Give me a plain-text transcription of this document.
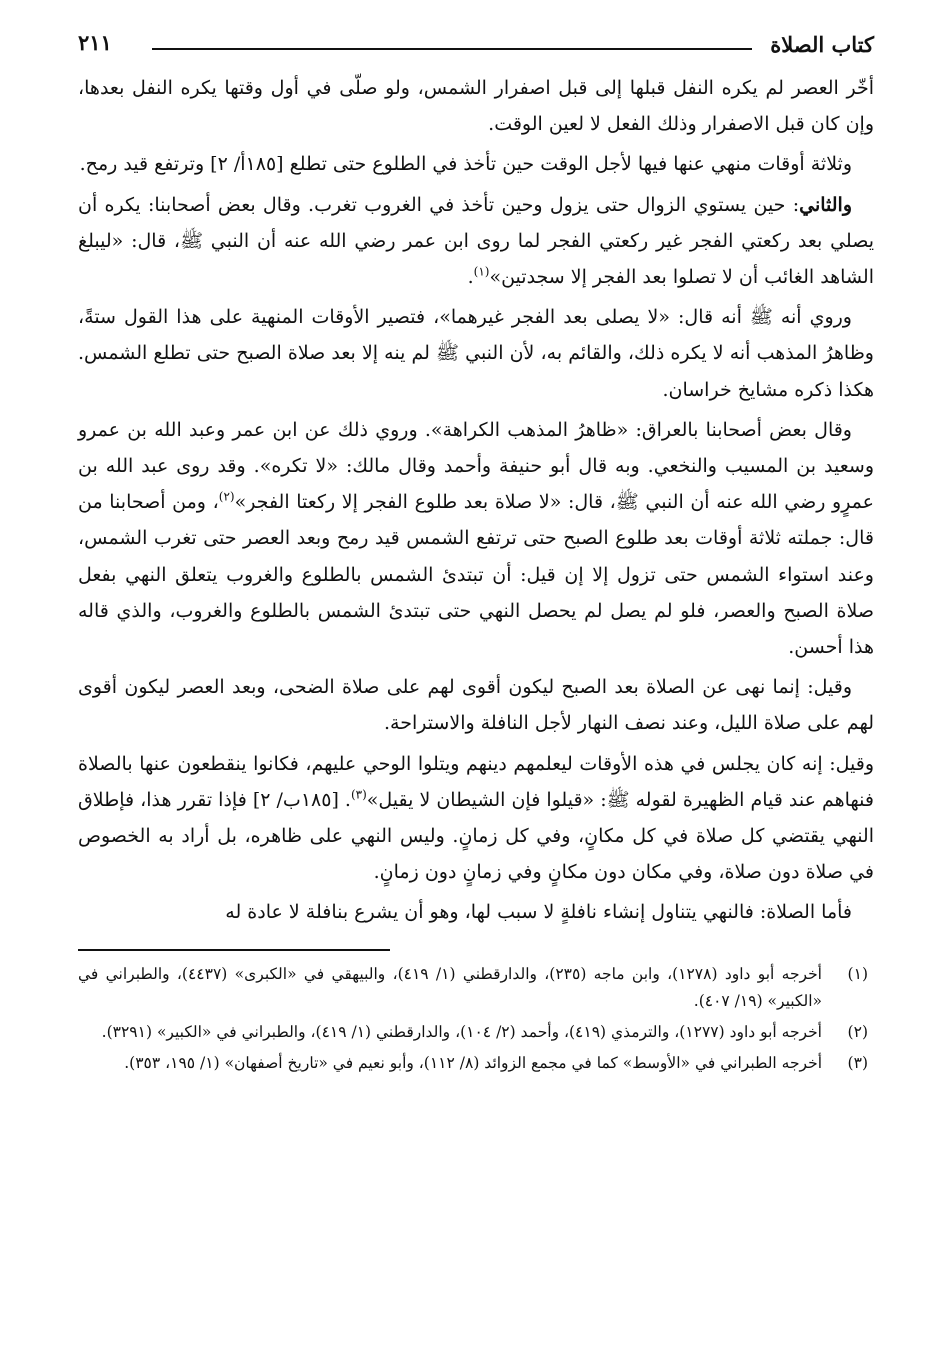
كتاب الصلاة
٢١١

أخّر العصر لم يكره النفل قبلها إلى قبل اصفرار الشمس، ولو صلّى في أول وقتها يكره النفل بعدها، وإن كان قبل الاصفرار وذلك الفعل لا لعين الوقت.

وثلاثة أوقات منهي عنها فيها لأجل الوقت حين تأخذ في الطلوع حتى تطلع [١٨٥أ/ ٢] وترتفع قيد رمح.

والثاني: حين يستوي الزوال حتى يزول وحين تأخذ في الغروب تغرب. وقال بعض أصحابنا: يكره أن يصلي بعد ركعتي الفجر غير ركعتي الفجر لما روى ابن عمر رضي الله عنه أن النبي ﷺ، قال: «ليبلغ الشاهد الغائب أن لا تصلوا بعد الفجر إلا سجدتين»$^{(١)}$.

وروي أنه ﷺ أنه قال: «لا يصلى بعد الفجر غيرهما»، فتصير الأوقات المنهية على هذا القول ستةً، وظاهرُ المذهب أنه لا يكره ذلك، والقائم به، لأن النبي ﷺ لم ينه إلا بعد صلاة الصبح حتى تطلع الشمس. هكذا ذكره مشايخ خراسان.

وقال بعض أصحابنا بالعراق: «ظاهرُ المذهب الكراهة». وروي ذلك عن ابن عمر وعبد الله بن عمرو وسعيد بن المسيب والنخعي. وبه قال أبو حنيفة وأحمد وقال مالك: «لا تكره». وقد روى عبد الله بن عمرٍو رضي الله عنه أن النبي ﷺ، قال: «لا صلاة بعد طلوع الفجر إلا ركعتا الفجر»$^{(٢)}$، ومن أصحابنا من قال: جملته ثلاثة أوقات بعد طلوع الصبح حتى ترتفع الشمس قيد رمح وبعد العصر حتى تغرب الشمس، وعند استواء الشمس حتى تزول إلا إن قيل: أن تبتدئ الشمس بالطلوع والغروب يتعلق النهي بفعل صلاة الصبح والعصر، فلو لم يصل لم يحصل النهي حتى تبتدئ الشمس بالطلوع والغروب، والذي قاله هذا أحسن.

وقيل: إنما نهى عن الصلاة بعد الصبح ليكون أقوى لهم على صلاة الضحى، وبعد العصر ليكون أقوى لهم على صلاة الليل، وعند نصف النهار لأجل النافلة والاستراحة.

وقيل: إنه كان يجلس في هذه الأوقات ليعلمهم دينهم ويتلوا الوحي عليهم، فكانوا ينقطعون عنها بالصلاة فنهاهم عند قيام الظهيرة لقوله ﷺ: «قيلوا فإن الشيطان لا يقيل»$^{(٣)}$. [١٨٥ب/ ٢] فإذا تقرر هذا، فإطلاق النهي يقتضي كل صلاة في كل مكانٍ، وفي كل زمانٍ. وليس النهي على ظاهره، بل أراد به الخصوص في صلاة دون صلاة، وفي مكان دون مكانٍ وفي زمانٍ دون زمانٍ.

فأما الصلاة: فالنهي يتناول إنشاء نافلةٍ لا سبب لها، وهو أن يشرع بنافلة لا عادة له

(١)
أخرجه أبو داود (١٢٧٨)، وابن ماجه (٢٣٥)، والدارقطني (١/ ٤١٩)، والبيهقي في «الكبرى» (٤٤٣٧)، والطبراني في «الكبير» (١٩/ ٤٠٧).
(٢)
أخرجه أبو داود (١٢٧٧)، والترمذي (٤١٩)، وأحمد (٢/ ١٠٤)، والدارقطني (١/ ٤١٩)، والطبراني في «الكبير» (٣٢٩١).
(٣)
أخرجه الطبراني في «الأوسط» كما في مجمع الزوائد (٨/ ١١٢)، وأبو نعيم في «تاريخ أصفهان» (١/ ١٩٥، ٣٥٣).
